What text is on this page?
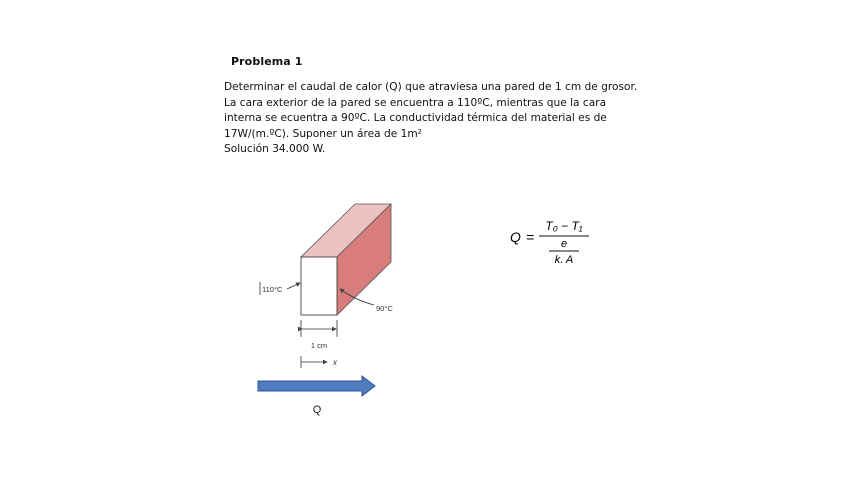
Problema 1
Determinar el caudal de calor (Q) que atraviesa una pared de 1 cm de grosor.
La cara exterior de la pared se encuentra a 110ºC, mientras que la cara
interna se ecuentra a 90ºC. La conductividad térmica del material es de
17W/(m.ºC). Suponer un área de 1m²
Solución 34.000 W.
110°C
90°C
1 cm
x
Q
Q =
T₀ − T₁
e
k. A
